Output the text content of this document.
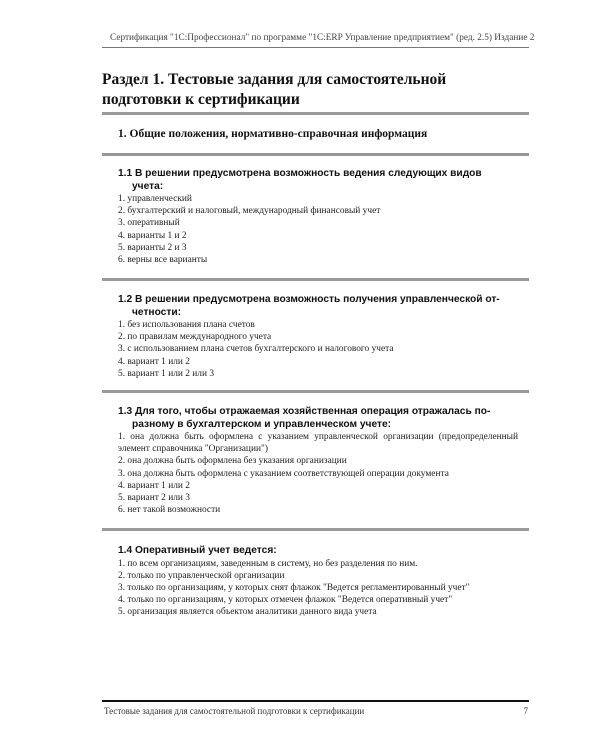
Сертификация "1С:Профессионал" по программе "1С:ERP Управление предприятием" (ред. 2.5) Издание 2
Раздел 1. Тестовые задания для самостоятельной подготовки к сертификации
1. Общие положения, нормативно-справочная информация
1.1 В решении предусмотрена возможность ведения следующих видов
учета:
1. управленческий
2. бухгалтерский и налоговый, международный финансовый учет
3. оперативный
4. варианты 1 и 2
5. варианты 2 и 3
6. верны все варианты
1.2 В решении предусмотрена возможность получения управленческой от-
четности:
1. без использования плана счетов
2. по правилам международного учета
3. с использованием плана счетов бухгалтерского и налогового учета
4. вариант 1 или 2
5. вариант 1 или 2 или 3
1.3 Для того, чтобы отражаемая хозяйственная операция отражалась по-
разному в бухгалтерском и управленческом учете:
1. она должна быть оформлена с указанием управленческой организации (предопределенный элемент справочника "Организации")
2. она должна быть оформлена без указания организации
3. она должна быть оформлена с указанием соответствующей операции документа
4. вариант 1 или 2
5. вариант 2 или 3
6. нет такой возможности
1.4 Оперативный учет ведется:
1. по всем организациям, заведенным в систему, но без разделения по ним.
2. только по управленческой организации
3. только по организациям, у которых снят флажок "Ведется регламентированный учет"
4. только по организациям, у которых отмечен флажок "Ведется оперативный учет"
5. организация является объектом аналитики данного вида учета
Тестовые задания для самостоятельной подготовки к сертификации	7
